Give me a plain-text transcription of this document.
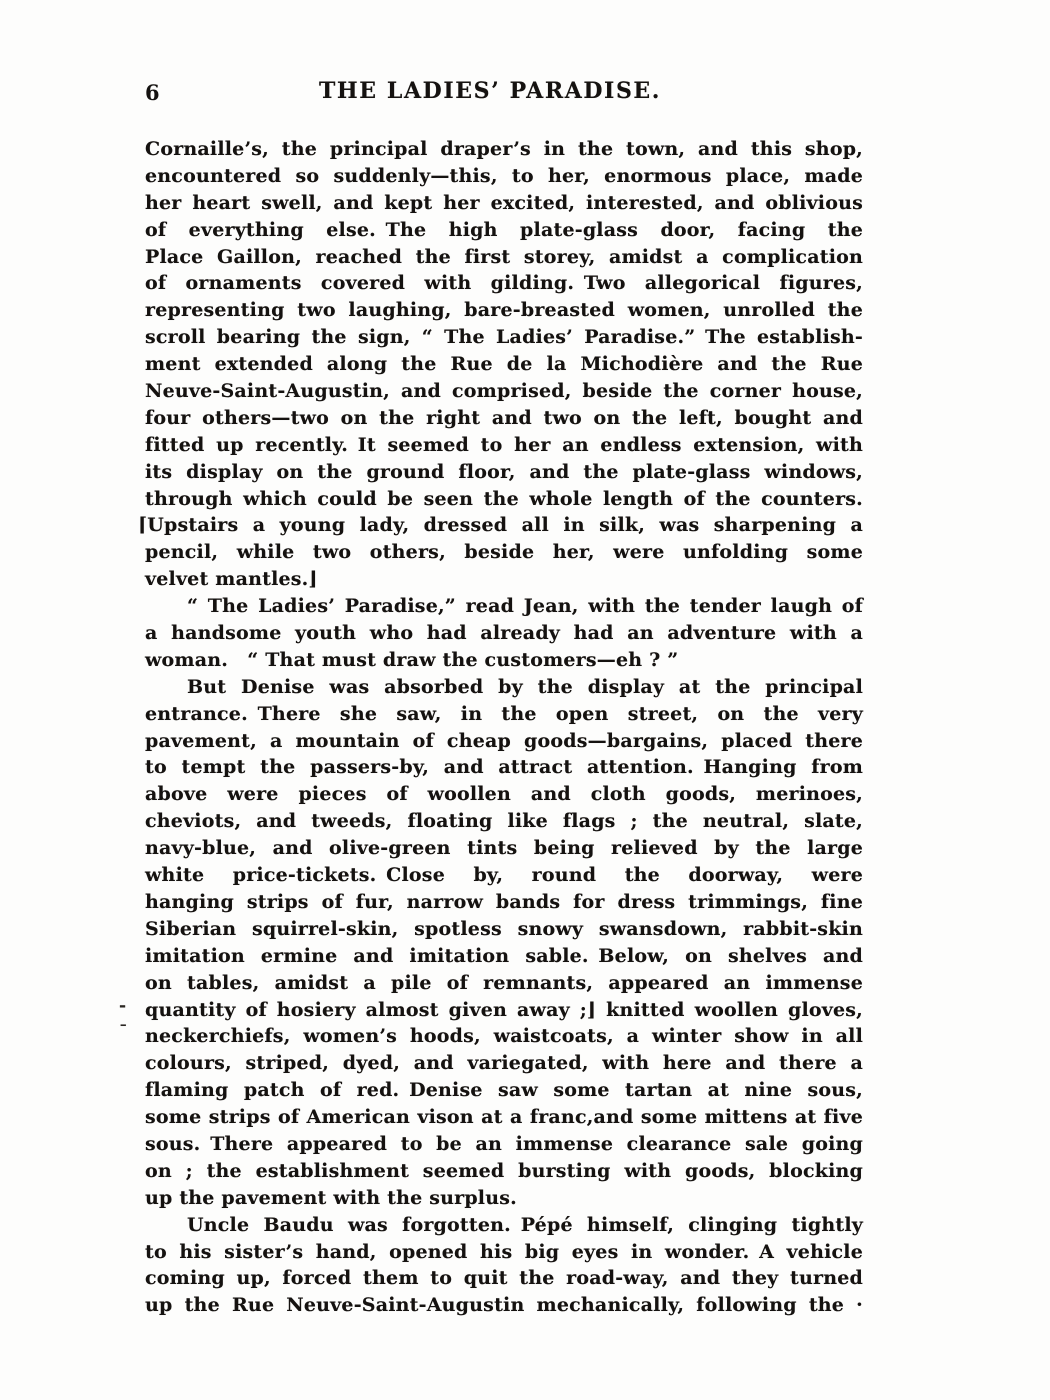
6	THE LADIES’ PARADISE.
Cornaille’s, the principal draper’s in the town, and this shop,
encountered so suddenly—this, to her, enormous place, made
her heart swell, and kept her excited, interested, and oblivious
of everything else. The high plate-glass door, facing the
Place Gaillon, reached the first storey, amidst a complication
of ornaments covered with gilding. Two allegorical figures,
representing two laughing, bare-breasted women, unrolled the
scroll bearing the sign, “ The Ladies’ Paradise.” The establish-
ment extended along the Rue de la Michodière and the Rue
Neuve-Saint-Augustin, and comprised, beside the corner house,
four others—two on the right and two on the left, bought and
fitted up recently. It seemed to her an endless extension, with
its display on the ground floor, and the plate-glass windows,
through which could be seen the whole length of the counters.
⌈Upstairs a young lady, dressed all in silk, was sharpening a
pencil, while two others, beside her, were unfolding some
velvet mantles.⌋
“ The Ladies’ Paradise,” read Jean, with the tender laugh of
a handsome youth who had already had an adventure with a
woman. “ That must draw the customers—eh ? ”
But Denise was absorbed by the display at the principal
entrance. There she saw, in the open street, on the very
pavement, a mountain of cheap goods—bargains, placed there
to tempt the passers-by, and attract attention. Hanging from
above were pieces of woollen and cloth goods, merinoes,
cheviots, and tweeds, floating like flags ; the neutral, slate,
navy-blue, and olive-green tints being relieved by the large
white price-tickets. Close by, round the doorway, were
hanging strips of fur, narrow bands for dress trimmings, fine
Siberian squirrel-skin, spotless snowy swansdown, rabbit-skin
imitation ermine and imitation sable. Below, on shelves and
on tables, amidst a pile of remnants, appeared an immense
quantity of hosiery almost given away ;⌋ knitted woollen gloves,
-
neckerchiefs, women’s hoods, waistcoats, a winter show in all
¯
colours, striped, dyed, and variegated, with here and there a
flaming patch of red. Denise saw some tartan at nine sous,
some strips of American vison at a franc,and some mittens at five
sous. There appeared to be an immense clearance sale going
on ; the establishment seemed bursting with goods, blocking
up the pavement with the surplus.
Uncle Baudu was forgotten. Pépé himself, clinging tightly
to his sister’s hand, opened his big eyes in wonder. A vehicle
coming up, forced them to quit the road-way, and they turned
up the Rue Neuve-Saint-Augustin mechanically, following the ·
